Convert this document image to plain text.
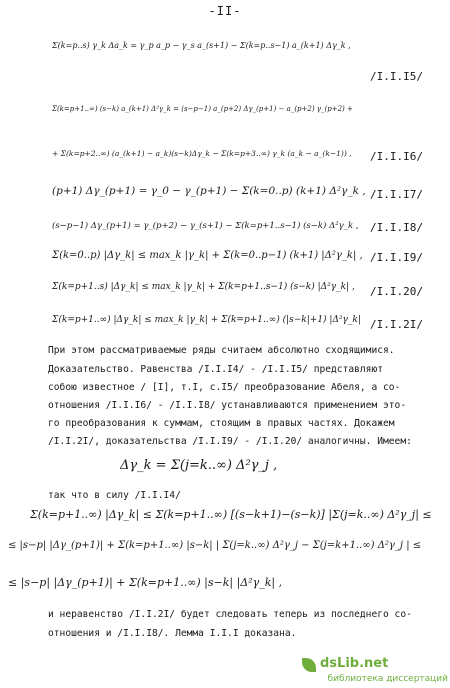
-II-
Σ(k=p..s) γ_k Δa_k = γ_p a_p − γ_s a_(s+1) − Σ(k=p..s−1) a_(k+1) Δγ_k ,
/I.I.I5/
Σ(k=p+1..∞) (s−k) a_(k+1) Δ²γ_k = (s−p−1) a_(p+2) Δγ_(p+1) − a_(p+2) γ_(p+2) +
+ Σ(k=p+2..∞) (a_(k+1) − a_k)(s−k)Δγ_k − Σ(k=p+3..∞) γ_k (a_k − a_(k−1)) , /I.I.I6/
(p+1) Δγ_(p+1) = γ_0 − γ_(p+1) − Σ(k=0..p) (k+1) Δ²γ_k , /I.I.I7/
(s−p−1) Δγ_(p+1) = γ_(p+2) − γ_(s+1) − Σ(k=p+1..s−1) (s−k) Δ²γ_k , /I.I.I8/
Σ(k=0..p) |Δγ_k| ≤ max_k |γ_k| + Σ(k=0..p−1) (k+1) |Δ²γ_k| , /I.I.I9/
Σ(k=p+1..s) |Δγ_k| ≤ max_k |γ_k| + Σ(k=p+1..s−1) (s−k) |Δ²γ_k| , /I.I.20/
Σ(k=p+1..∞) |Δγ_k| ≤ max_k |γ_k| + Σ(k=p+1..∞) (|s−k|+1) |Δ²γ_k| /I.I.2I/
При этом рассматриваемые ряды считаем абсолютно сходящимися.
Доказательство. Равенства /I.I.I4/ - /I.I.I5/ представляют
собою известное / [I], т.I, с.I5/ преобразование Абеля, а со-
отношения /I.I.I6/ - /I.I.I8/ устанавливаются применением это-
го преобразования к суммам, стоящим в правых частях. Докажем
/I.I.2I/, доказательства /I.I.I9/ - /I.I.20/ аналогичны. Имеем:
Δγ_k = Σ(j=k..∞) Δ²γ_j ,
так что в силу /I.I.I4/
Σ(k=p+1..∞) |Δγ_k| ≤ Σ(k=p+1..∞) [(s−k+1)−(s−k)] |Σ(j=k..∞) Δ²γ_j| ≤
≤ |s−p| |Δγ_(p+1)| + Σ(k=p+1..∞) |s−k| | Σ(j=k..∞) Δ²γ_j − Σ(j=k+1..∞) Δ²γ_j | ≤
≤ |s−p| |Δγ_(p+1)| + Σ(k=p+1..∞) |s−k| |Δ²γ_k| ,
и неравенство /I.I.2I/ будет следовать теперь из последнего со-
отношения и /I.I.I8/. Лемма I.I.I доказана.
dsLib.net
библиотека диссертаций
